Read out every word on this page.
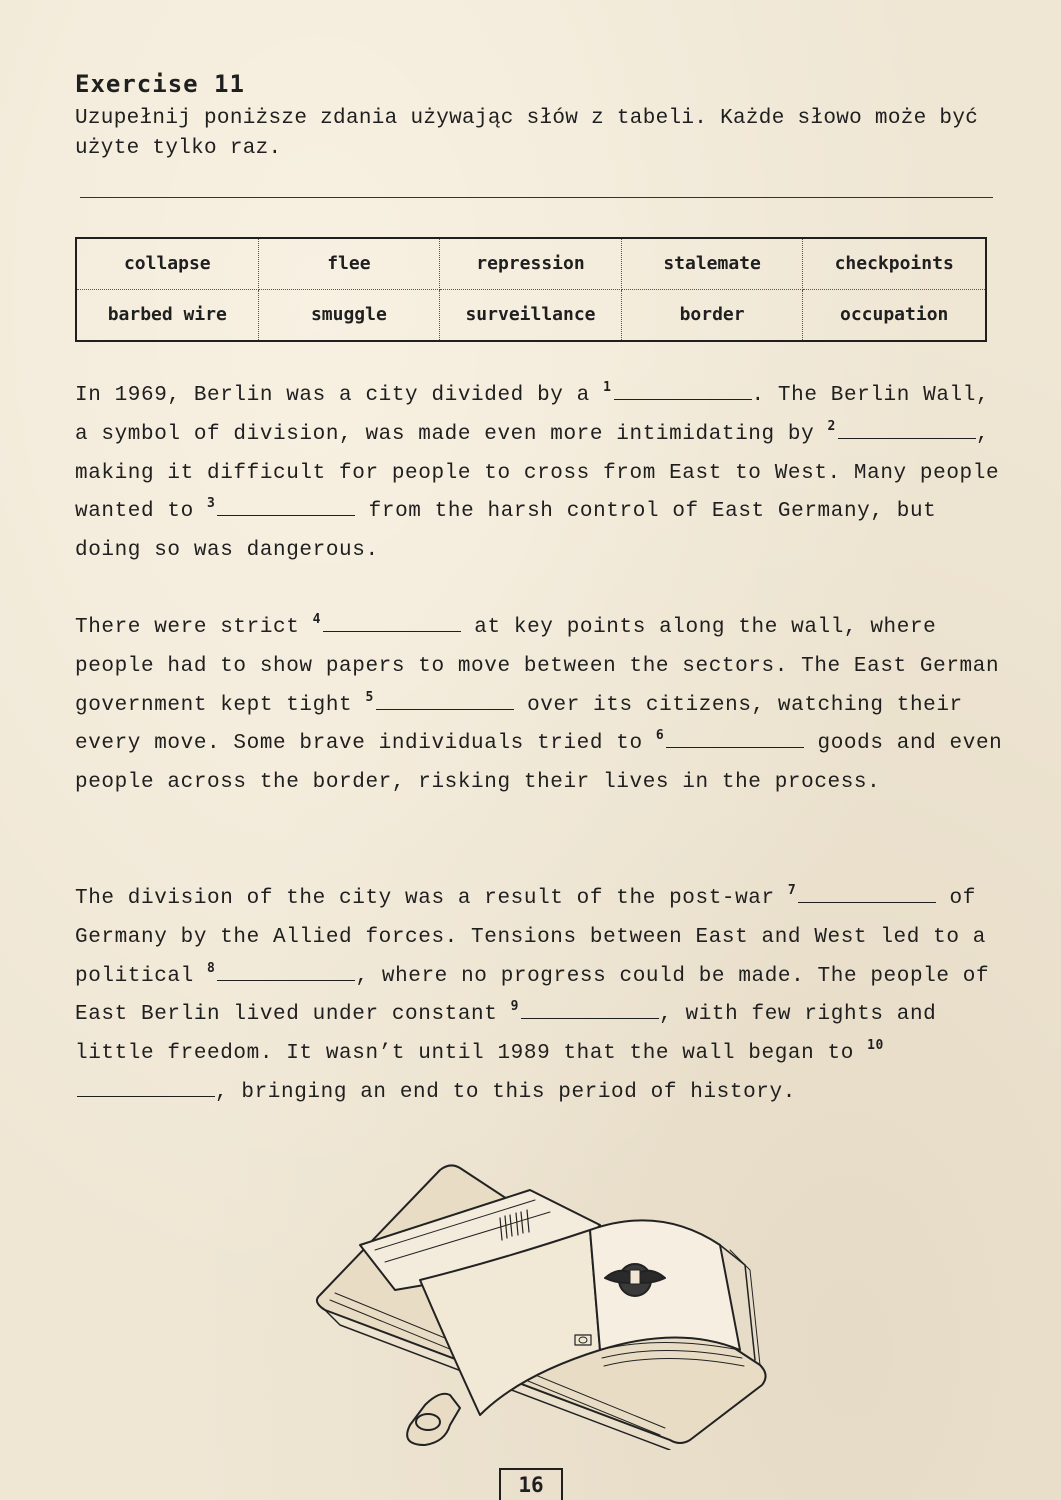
Exercise 11
Uzupełnij poniższe zdania używając słów z tabeli. Każde słowo może być użyte tylko raz.
collapse	flee	repression	stalemate	checkpoints
barbed wire	smuggle	surveillance	border	occupation
In 1969, Berlin was a city divided by a $^1$	. The Berlin Wall, a symbol of division, was made even more intimidating by $^2$	, making it difficult for people to cross from East to West. Many people wanted to $^3$	from the harsh control of East Germany, but doing so was dangerous.
There were strict $^4$	at key points along the wall, where people had to show papers to move between the sectors. The East German government kept tight $^5$	over its citizens, watching their every move. Some brave individuals tried to $^6$	goods and even people across the border, risking their lives in the process.
The division of the city was a result of the post-war $^7$	of Germany by the Allied forces. Tensions between East and West led to a political $^8$	, where no progress could be made. The people of East Berlin lived under constant $^9$	, with few rights and little freedom. It wasn’t until 1989 that the wall began to $^{10}$, bringing an end to this period of history.
16
